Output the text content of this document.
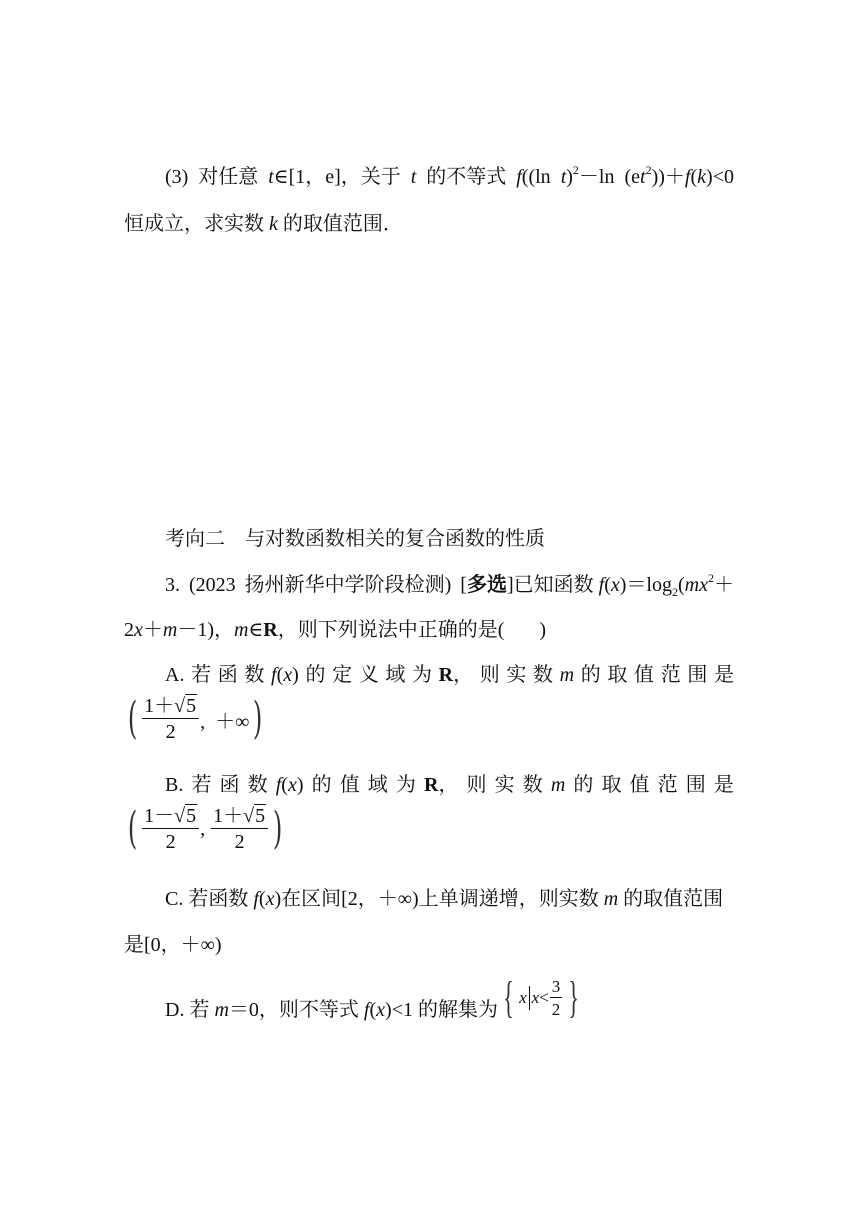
(3) 对任意 t∈[1，e]，关于 t 的不等式 f((ln  t)$^2$－ln  $(et^2))+f(k)<0$
恒成立，求实数 k 的取值范围．
考向二    与对数函数相关的复合函数的性质
3. (2023 扬州新华中学阶段检测) [多选]已知函数 $f(x)=\log_2(mx^2+$
2x＋m－1)，m∈R，则下列说法中正确的是(       )
A. 若 函 数 f(x) 的 定 义 域 为 R， 则 实 数 m 的 取 值 范 围 是
( $\frac{1+√5}{2}$ ,  ＋∞ )
B. 若 函 数 f(x) 的 值 域 为 R， 则 实 数 m 的 取 值 范 围 是
( $\frac{1-√5}{2}$ , $\frac{1+√5}{2}$ )
C. 若函数 f(x)在区间[2，＋∞)上单调递增，则实数 m 的取值范围
是[0，＋∞)
D. 若 m＝0，则不等式 f(x)<1 的解集为 { x $x < \frac{3}{2}$ }
